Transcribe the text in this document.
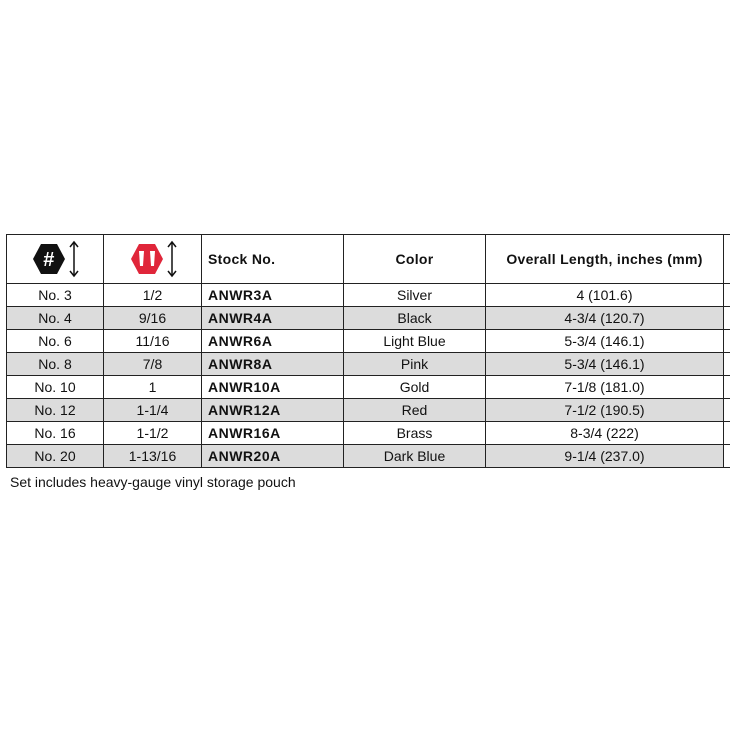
#		Stock No.	Color	Overall Length, inches (mm)	
No. 3	1/2	ANWR3A	Silver	4 (101.6)	
No. 4	9/16	ANWR4A	Black	4-3/4 (120.7)	
No. 6	11/16	ANWR6A	Light Blue	5-3/4 (146.1)	
No. 8	7/8	ANWR8A	Pink	5-3/4 (146.1)	
No. 10	1	ANWR10A	Gold	7-1/8 (181.0)	
No. 12	1-1/4	ANWR12A	Red	7-1/2 (190.5)	
No. 16	1-1/2	ANWR16A	Brass	8-3/4 (222)	
No. 20	1-13/16	ANWR20A	Dark Blue	9-1/4 (237.0)	
Set includes heavy-gauge vinyl storage pouch
